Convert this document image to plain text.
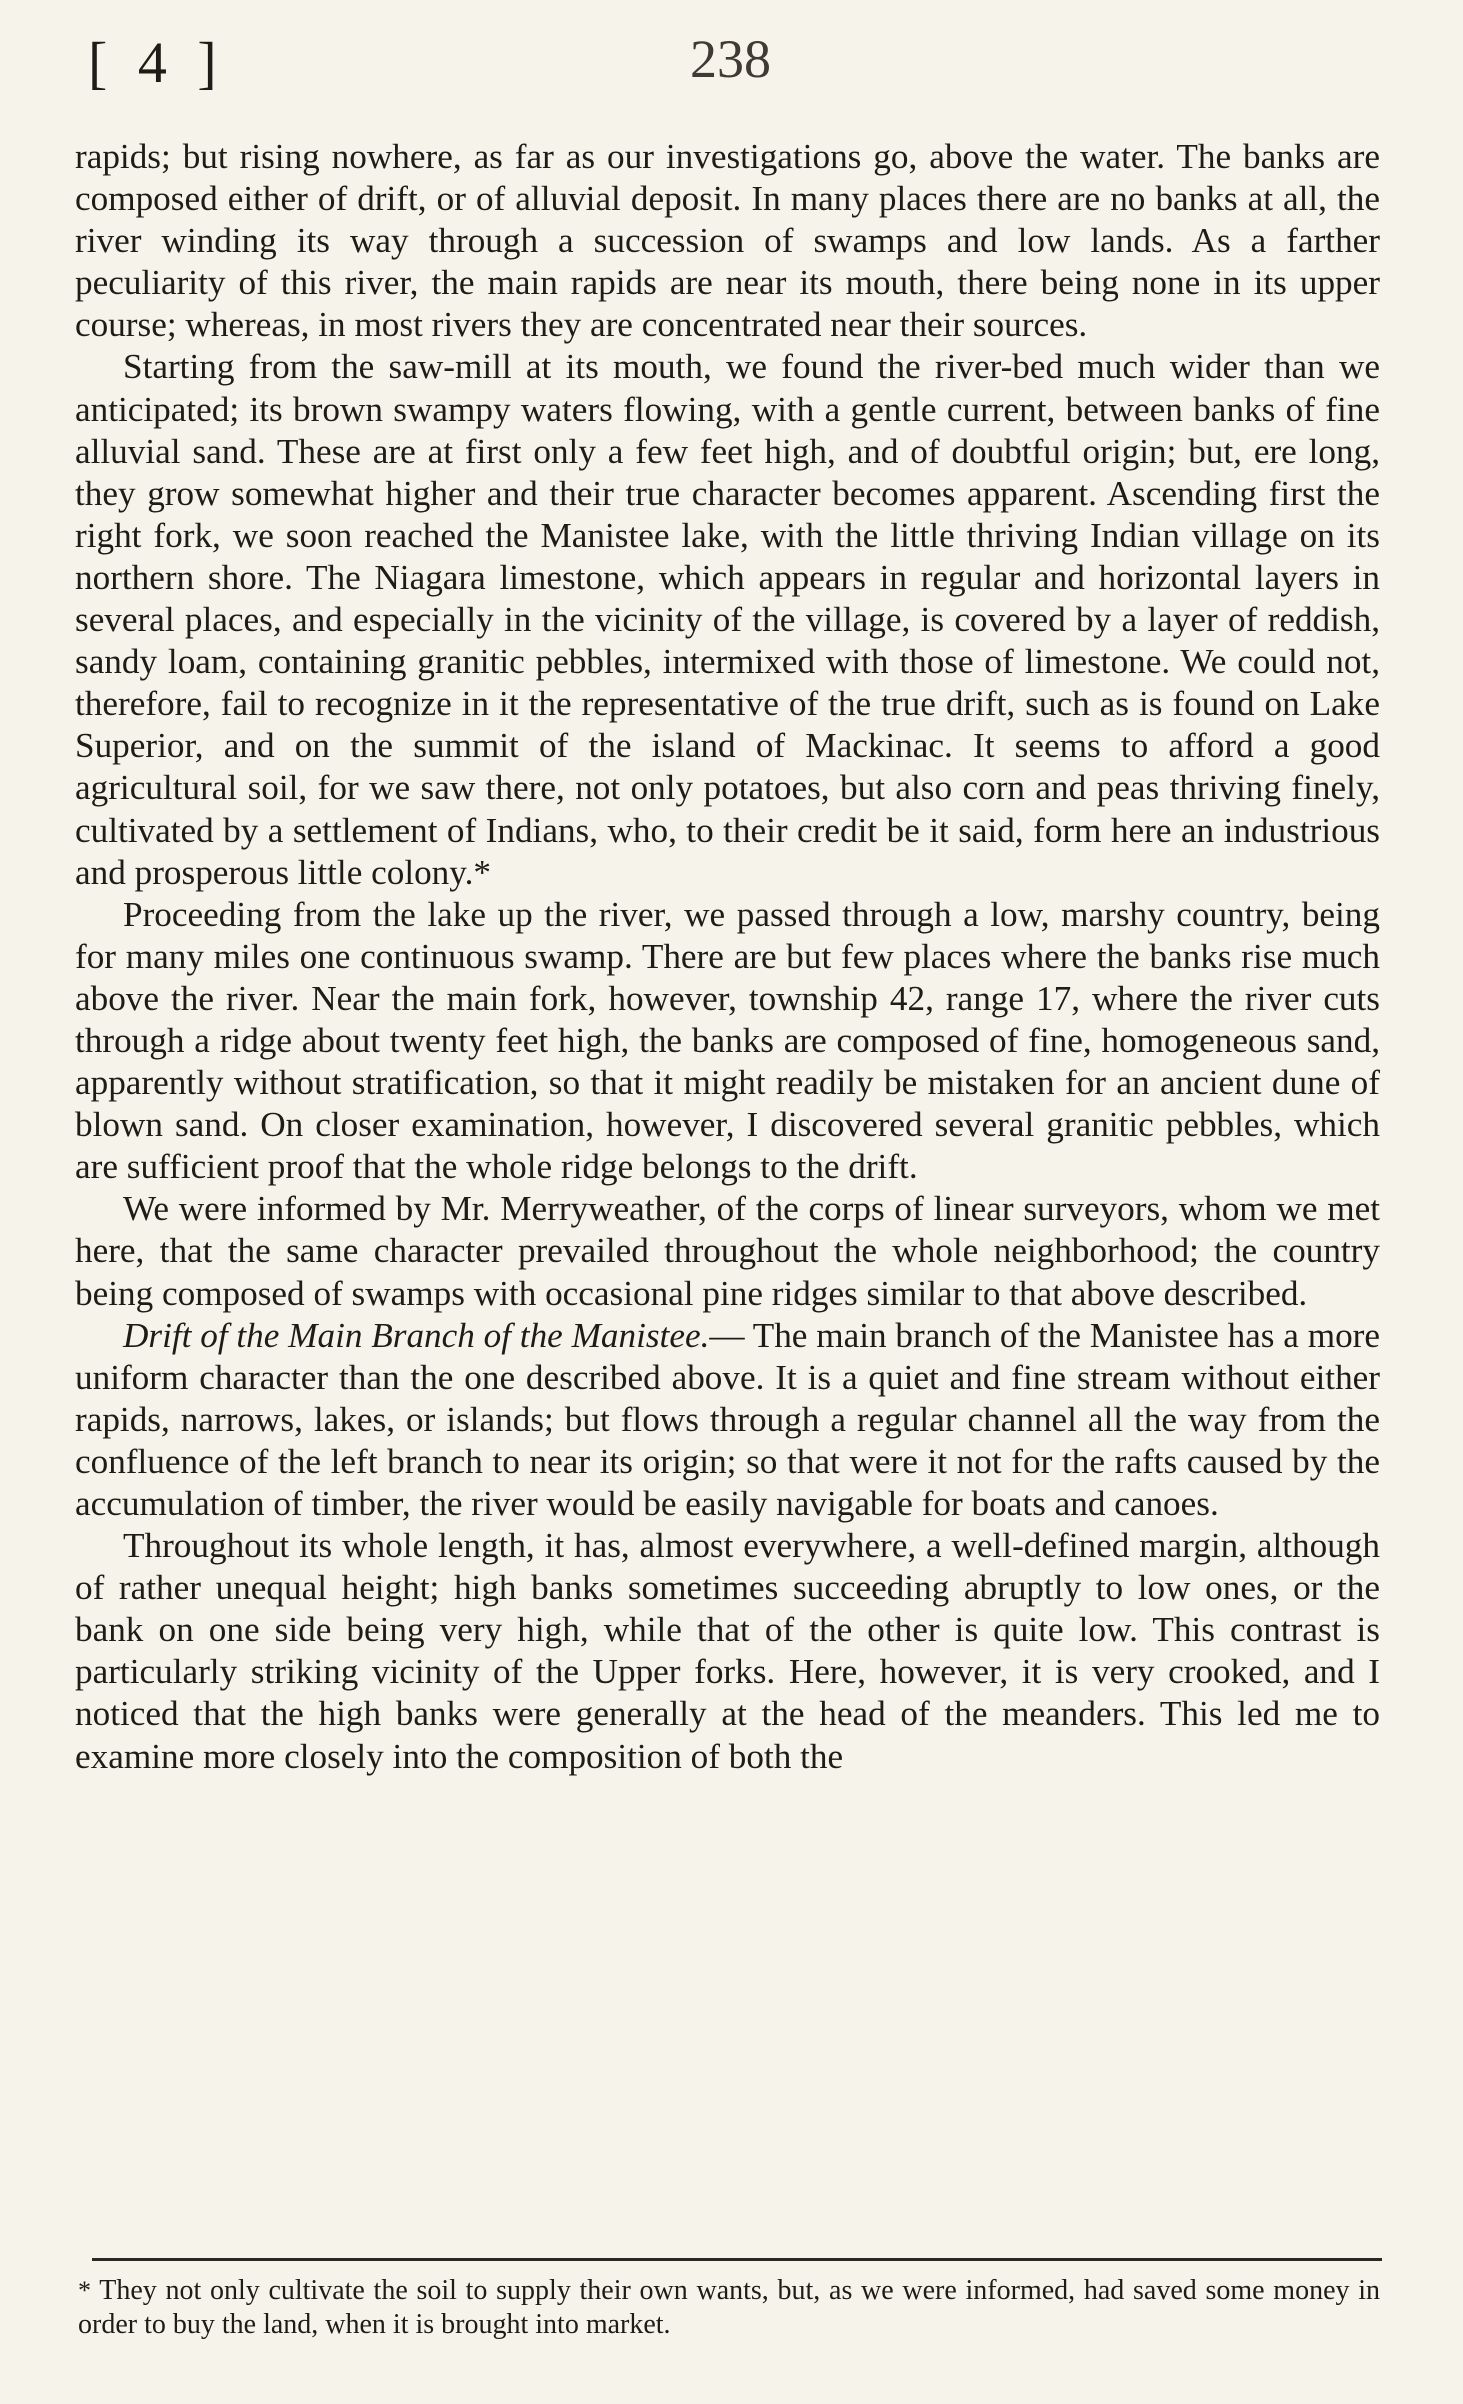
[ 4 ]	238

rapids; but rising nowhere, as far as our investigations go, above the water. The banks are composed either of drift, or of alluvial deposit. In many places there are no banks at all, the river winding its way through a succession of swamps and low lands. As a farther peculiarity of this river, the main rapids are near its mouth, there being none in its upper course; whereas, in most rivers they are concentrated near their sources.

Starting from the saw-mill at its mouth, we found the river-bed much wider than we anticipated; its brown swampy waters flowing, with a gentle current, between banks of fine alluvial sand. These are at first only a few feet high, and of doubtful origin; but, ere long, they grow somewhat higher and their true character becomes apparent. Ascending first the right fork, we soon reached the Manistee lake, with the little thriving Indian village on its northern shore. The Niagara limestone, which appears in regular and horizontal layers in several places, and especially in the vicinity of the village, is covered by a layer of reddish, sandy loam, containing granitic pebbles, intermixed with those of limestone. We could not, therefore, fail to recognize in it the representative of the true drift, such as is found on Lake Superior, and on the summit of the island of Mackinac. It seems to afford a good agricultural soil, for we saw there, not only potatoes, but also corn and peas thriving finely, cultivated by a settlement of Indians, who, to their credit be it said, form here an industrious and prosperous little colony.*

Proceeding from the lake up the river, we passed through a low, marshy country, being for many miles one continuous swamp. There are but few places where the banks rise much above the river. Near the main fork, however, township 42, range 17, where the river cuts through a ridge about twenty feet high, the banks are composed of fine, homogeneous sand, apparently without stratification, so that it might readily be mistaken for an ancient dune of blown sand. On closer examination, however, I discovered several granitic pebbles, which are sufficient proof that the whole ridge belongs to the drift.

We were informed by Mr. Merryweather, of the corps of linear surveyors, whom we met here, that the same character prevailed throughout the whole neighborhood; the country being composed of swamps with occasional pine ridges similar to that above described.

Drift of the Main Branch of the Manistee.— The main branch of the Manistee has a more uniform character than the one described above. It is a quiet and fine stream without either rapids, narrows, lakes, or islands; but flows through a regular channel all the way from the confluence of the left branch to near its origin; so that were it not for the rafts caused by the accumulation of timber, the river would be easily navigable for boats and canoes.

Throughout its whole length, it has, almost everywhere, a well-defined margin, although of rather unequal height; high banks sometimes succeeding abruptly to low ones, or the bank on one side being very high, while that of the other is quite low. This contrast is particularly striking vicinity of the Upper forks. Here, however, it is very crooked, and I noticed that the high banks were generally at the head of the meanders. This led me to examine more closely into the composition of both the

* They not only cultivate the soil to supply their own wants, but, as we were informed, had saved some money in order to buy the land, when it is brought into market.
